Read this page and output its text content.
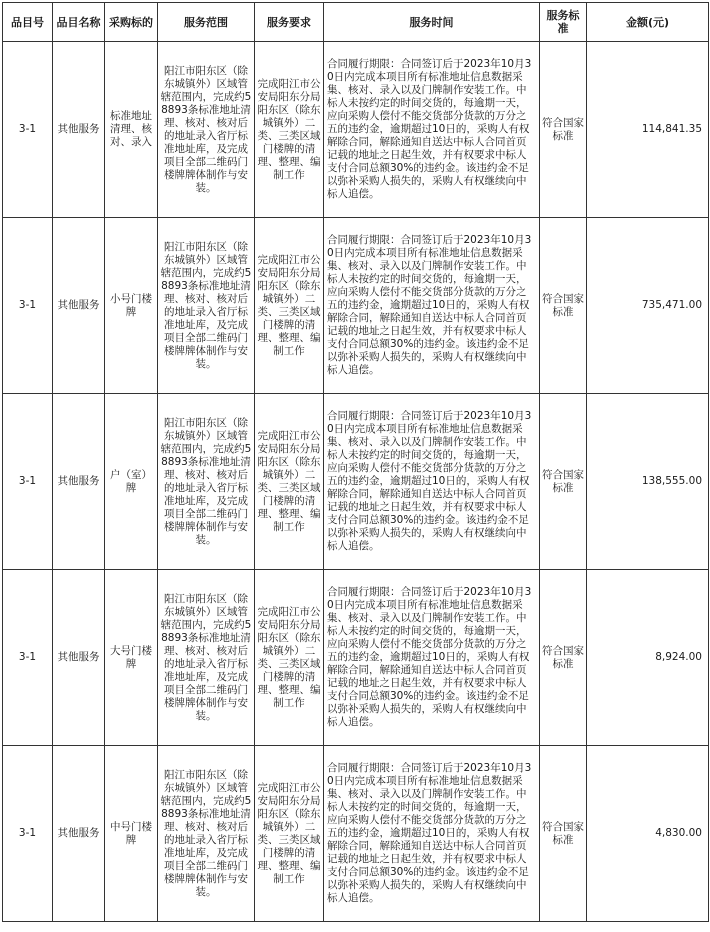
品目号	品目名称	采购标的	服务范围	服务要求	服务时间	服务标准	金额(元)
3-1	其他服务	标准地址清理、核对、录入	阳江市阳东区（除东城镇外）区域管辖范围内，完成约58893条标准地址清理、核对、核对后的地址录入省厅标准地址库，及完成项目全部二维码门楼牌牌体制作与安装。	完成阳江市公安局阳东分局阳东区（除东城镇外）二类、三类区域门楼牌的清理、整理、编制工作	合同履行期限：合同签订后于2023年10月30日内完成本项目所有标准地址信息数据采集、核对、录入以及门牌制作安装工作。中标人未按约定的时间交货的，每逾期一天，应向采购人偿付不能交货部分货款的万分之五的违约金，逾期超过10日的，采购人有权解除合同，解除通知自送达中标人合同首页记载的地址之日起生效，并有权要求中标人支付合同总额30%的违约金。该违约金不足以弥补采购人损失的，采购人有权继续向中标人追偿。	符合国家标准	114,841.35
3-1	其他服务	小号门楼牌	阳江市阳东区（除东城镇外）区域管辖范围内，完成约58893条标准地址清理、核对、核对后的地址录入省厅标准地址库，及完成项目全部二维码门楼牌牌体制作与安装。	完成阳江市公安局阳东分局阳东区（除东城镇外）二类、三类区域门楼牌的清理、整理、编制工作	合同履行期限：合同签订后于2023年10月30日内完成本项目所有标准地址信息数据采集、核对、录入以及门牌制作安装工作。中标人未按约定的时间交货的，每逾期一天，应向采购人偿付不能交货部分货款的万分之五的违约金，逾期超过10日的，采购人有权解除合同，解除通知自送达中标人合同首页记载的地址之日起生效，并有权要求中标人支付合同总额30%的违约金。该违约金不足以弥补采购人损失的，采购人有权继续向中标人追偿。	符合国家标准	735,471.00
3-1	其他服务	户（室）牌	阳江市阳东区（除东城镇外）区域管辖范围内，完成约58893条标准地址清理、核对、核对后的地址录入省厅标准地址库，及完成项目全部二维码门楼牌牌体制作与安装。	完成阳江市公安局阳东分局阳东区（除东城镇外）二类、三类区域门楼牌的清理、整理、编制工作	合同履行期限：合同签订后于2023年10月30日内完成本项目所有标准地址信息数据采集、核对、录入以及门牌制作安装工作。中标人未按约定的时间交货的，每逾期一天，应向采购人偿付不能交货部分货款的万分之五的违约金，逾期超过10日的，采购人有权解除合同，解除通知自送达中标人合同首页记载的地址之日起生效，并有权要求中标人支付合同总额30%的违约金。该违约金不足以弥补采购人损失的，采购人有权继续向中标人追偿。	符合国家标准	138,555.00
3-1	其他服务	大号门楼牌	阳江市阳东区（除东城镇外）区域管辖范围内，完成约58893条标准地址清理、核对、核对后的地址录入省厅标准地址库，及完成项目全部二维码门楼牌牌体制作与安装。	完成阳江市公安局阳东分局阳东区（除东城镇外）二类、三类区域门楼牌的清理、整理、编制工作	合同履行期限：合同签订后于2023年10月30日内完成本项目所有标准地址信息数据采集、核对、录入以及门牌制作安装工作。中标人未按约定的时间交货的，每逾期一天，应向采购人偿付不能交货部分货款的万分之五的违约金，逾期超过10日的，采购人有权解除合同，解除通知自送达中标人合同首页记载的地址之日起生效，并有权要求中标人支付合同总额30%的违约金。该违约金不足以弥补采购人损失的，采购人有权继续向中标人追偿。	符合国家标准	8,924.00
3-1	其他服务	中号门楼牌	阳江市阳东区（除东城镇外）区域管辖范围内，完成约58893条标准地址清理、核对、核对后的地址录入省厅标准地址库，及完成项目全部二维码门楼牌牌体制作与安装。	完成阳江市公安局阳东分局阳东区（除东城镇外）二类、三类区域门楼牌的清理、整理、编制工作	合同履行期限：合同签订后于2023年10月30日内完成本项目所有标准地址信息数据采集、核对、录入以及门牌制作安装工作。中标人未按约定的时间交货的，每逾期一天，应向采购人偿付不能交货部分货款的万分之五的违约金，逾期超过10日的，采购人有权解除合同，解除通知自送达中标人合同首页记载的地址之日起生效，并有权要求中标人支付合同总额30%的违约金。该违约金不足以弥补采购人损失的，采购人有权继续向中标人追偿。	符合国家标准	4,830.00
